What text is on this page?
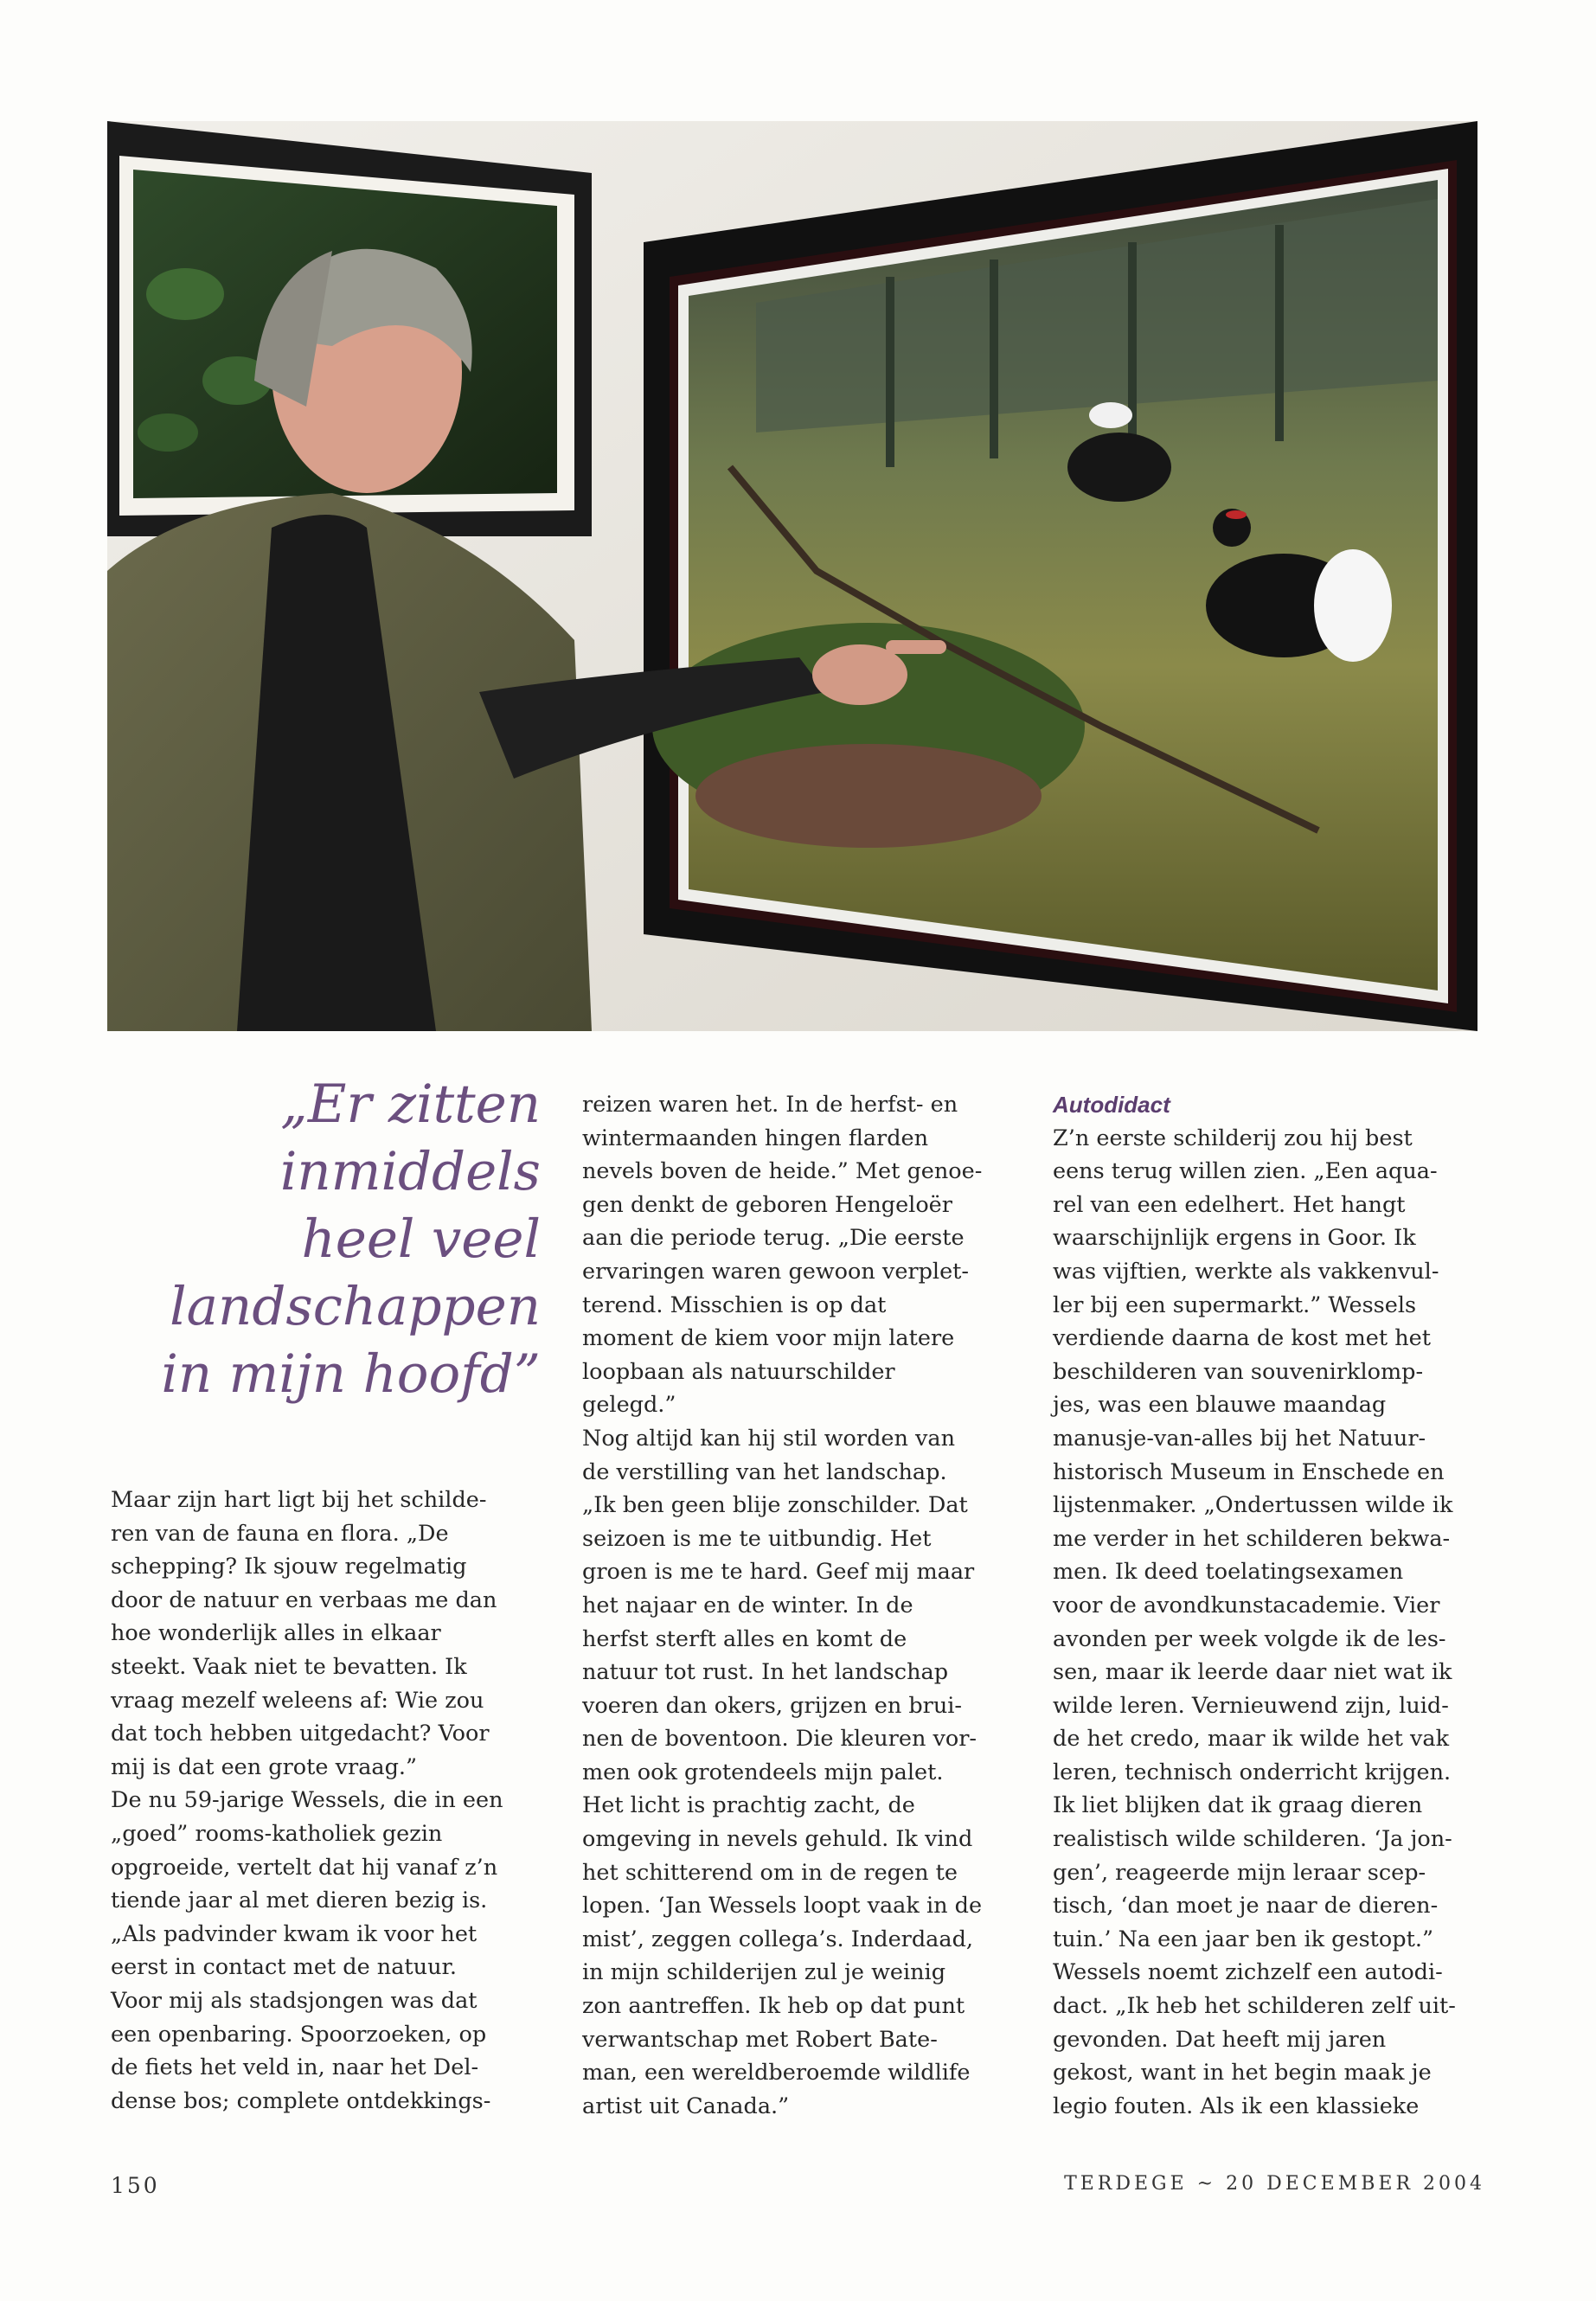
„Er zitten
inmiddels
heel veel
landschappen
in mijn hoofd”

Maar zijn hart ligt bij het schilde-

ren van de fauna en flora. „De

schepping? Ik sjouw regelmatig

door de natuur en verbaas me dan

hoe wonderlijk alles in elkaar

steekt. Vaak niet te bevatten. Ik

vraag mezelf weleens af: Wie zou

dat toch hebben uitgedacht? Voor

mij is dat een grote vraag.”

De nu 59-jarige Wessels, die in een

„goed” rooms-katholiek gezin

opgroeide, vertelt dat hij vanaf z’n

tiende jaar al met dieren bezig is.

„Als padvinder kwam ik voor het

eerst in contact met de natuur.

Voor mij als stadsjongen was dat

een openbaring. Spoorzoeken, op

de fiets het veld in, naar het Del-

dense bos; complete ontdekkings-

reizen waren het. In de herfst- en

wintermaanden hingen flarden

nevels boven de heide.” Met genoe-

gen denkt de geboren Hengeloër

aan die periode terug. „Die eerste

ervaringen waren gewoon verplet-

terend. Misschien is op dat

moment de kiem voor mijn latere

loopbaan als natuurschilder

gelegd.”

Nog altijd kan hij stil worden van

de verstilling van het landschap.

„Ik ben geen blije zonschilder. Dat

seizoen is me te uitbundig. Het

groen is me te hard. Geef mij maar

het najaar en de winter. In de

herfst sterft alles en komt de

natuur tot rust. In het landschap

voeren dan okers, grijzen en brui-

nen de boventoon. Die kleuren vor-

men ook grotendeels mijn palet.

Het licht is prachtig zacht, de

omgeving in nevels gehuld. Ik vind

het schitterend om in de regen te

lopen. ‘Jan Wessels loopt vaak in de

mist’, zeggen collega’s. Inderdaad,

in mijn schilderijen zul je weinig

zon aantreffen. Ik heb op dat punt

verwantschap met Robert Bate-

man, een wereldberoemde wildlife

artist uit Canada.”

Autodidact

Z’n eerste schilderij zou hij best

eens terug willen zien. „Een aqua-

rel van een edelhert. Het hangt

waarschijnlijk ergens in Goor. Ik

was vijftien, werkte als vakkenvul-

ler bij een supermarkt.” Wessels

verdiende daarna de kost met het

beschilderen van souvenirklomp-

jes, was een blauwe maandag

manusje-van-alles bij het Natuur-

historisch Museum in Enschede en

lijstenmaker. „Ondertussen wilde ik

me verder in het schilderen bekwa-

men. Ik deed toelatingsexamen

voor de avondkunstacademie. Vier

avonden per week volgde ik de les-

sen, maar ik leerde daar niet wat ik

wilde leren. Vernieuwend zijn, luid-

de het credo, maar ik wilde het vak

leren, technisch onderricht krijgen.

Ik liet blijken dat ik graag dieren

realistisch wilde schilderen. ‘Ja jon-

gen’, reageerde mijn leraar scep-

tisch, ‘dan moet je naar de dieren-

tuin.’ Na een jaar ben ik gestopt.”

Wessels noemt zichzelf een autodi-

dact. „Ik heb het schilderen zelf uit-

gevonden. Dat heeft mij jaren

gekost, want in het begin maak je

legio fouten. Als ik een klassieke

150	TERDEGE ~ 20 DECEMBER 2004
